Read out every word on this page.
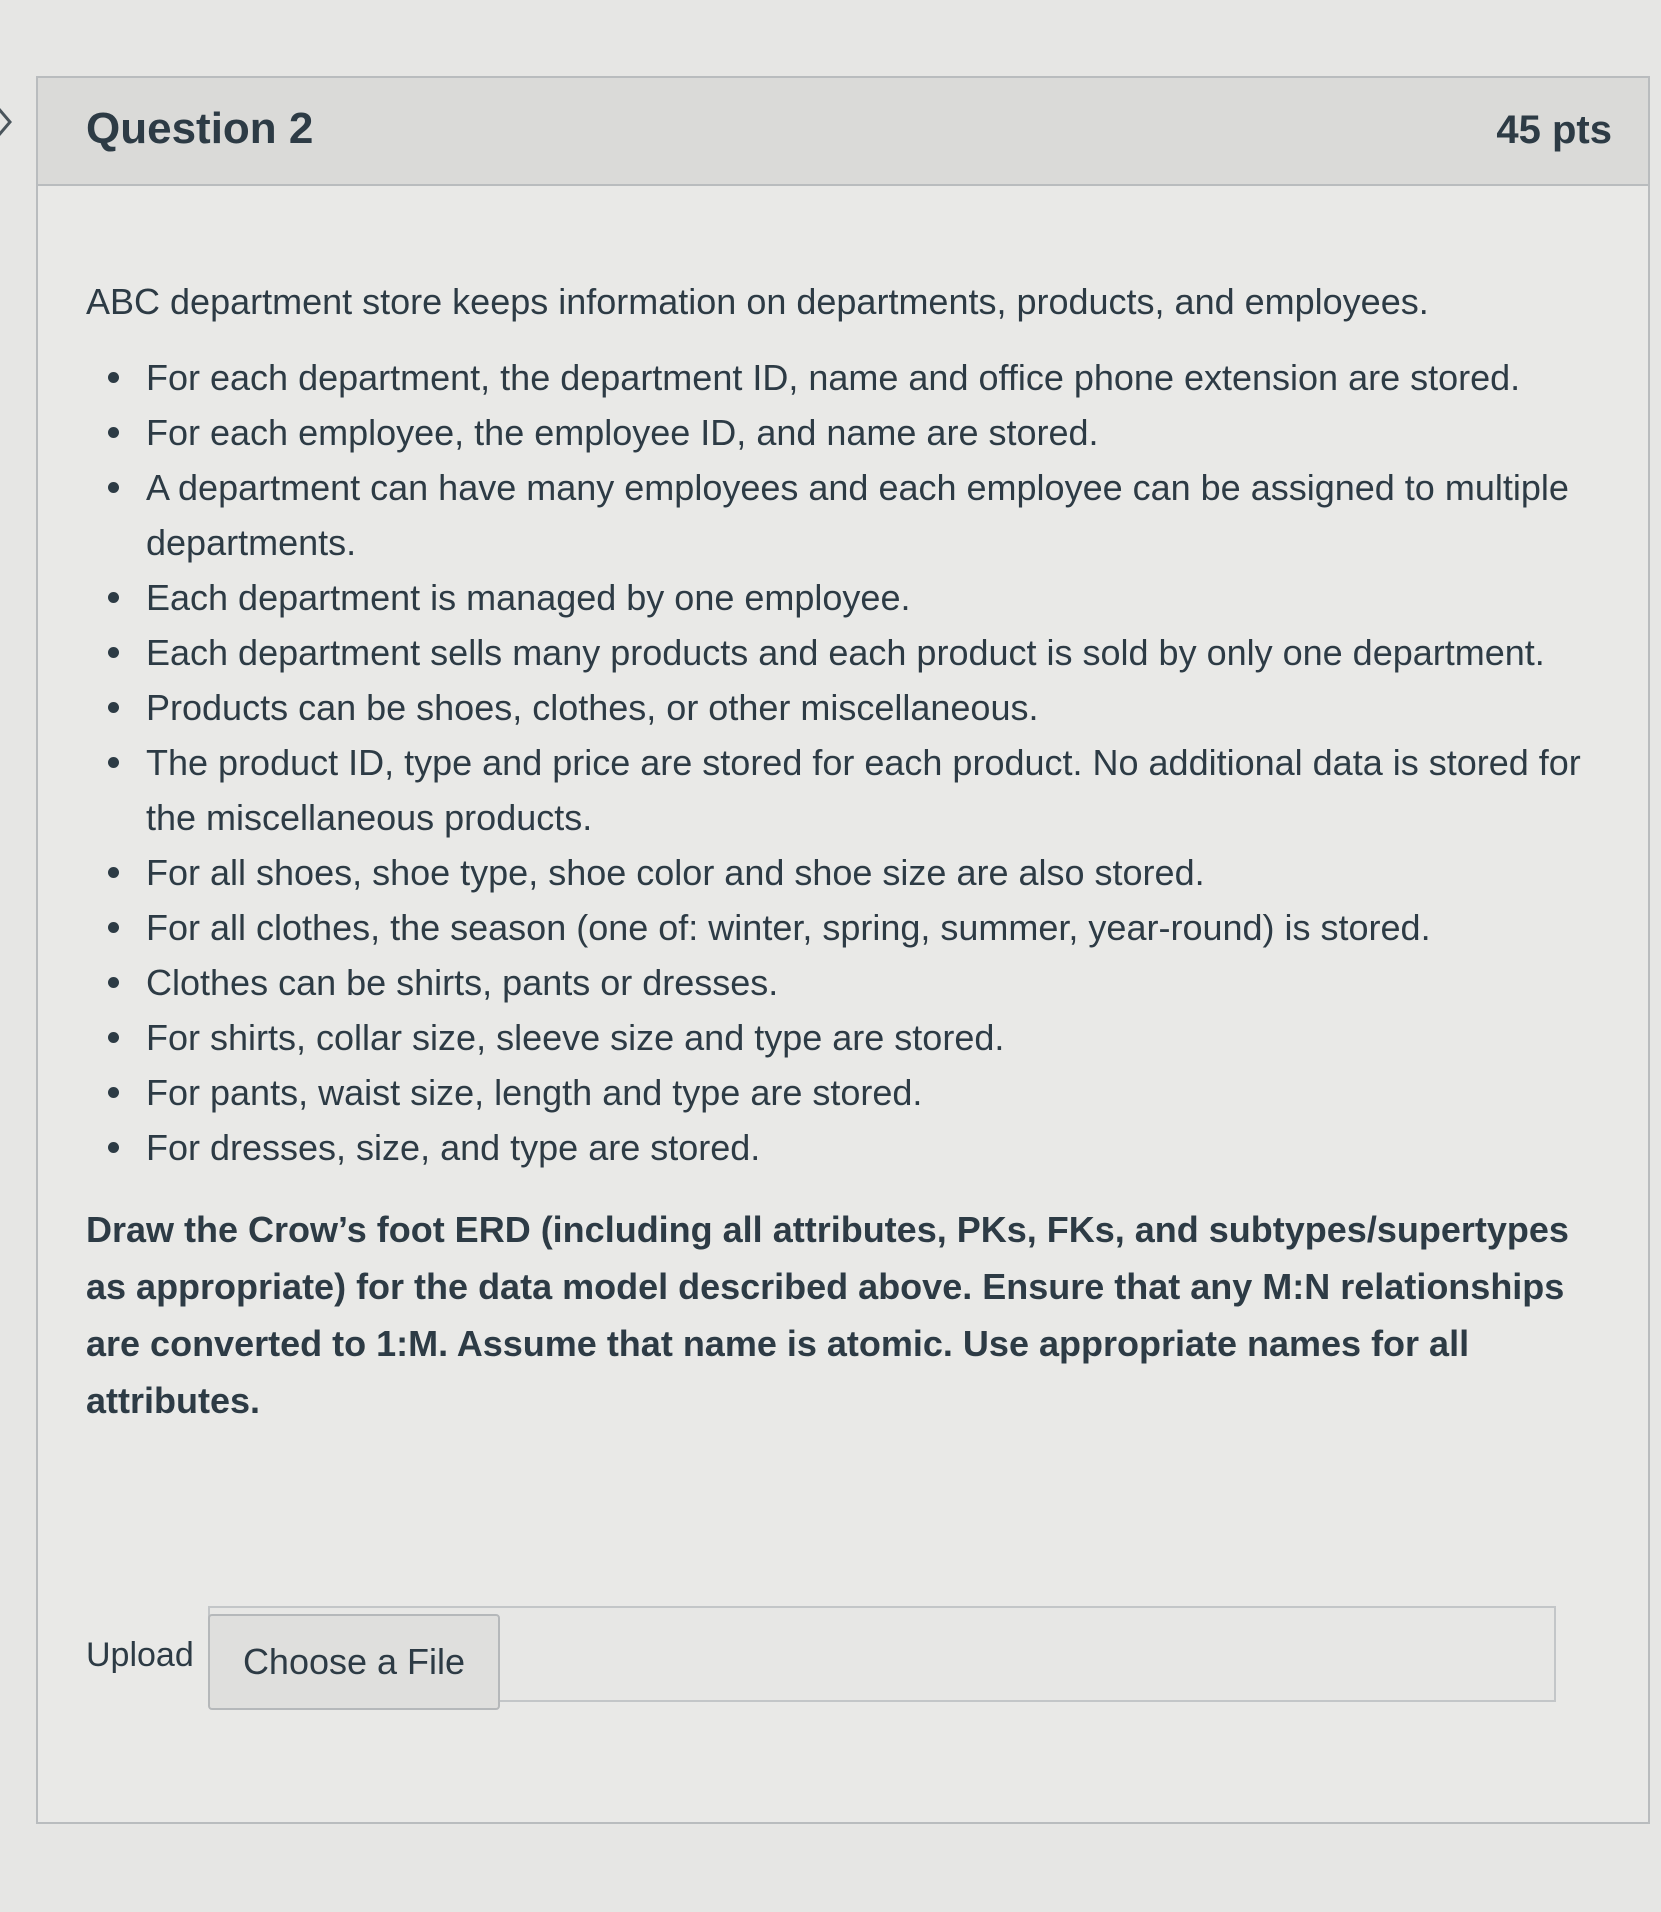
Question 2	45 pts

ABC department store keeps information on departments, products, and employees.

For each department, the department ID, name and office phone extension are stored.
For each employee, the employee ID, and name are stored.
A department can have many employees and each employee can be assigned to multiple departments.
Each department is managed by one employee.
Each department sells many products and each product is sold by only one department.
Products can be shoes, clothes, or other miscellaneous.
The product ID, type and price are stored for each product. No additional data is stored for the miscellaneous products.
For all shoes, shoe type, shoe color and shoe size are also stored.
For all clothes, the season (one of: winter, spring, summer, year-round) is stored.
Clothes can be shirts, pants or dresses.
For shirts, collar size, sleeve size and type are stored.
For pants, waist size, length and type are stored.
For dresses, size, and type are stored.

Draw the Crow’s foot ERD (including all attributes, PKs, FKs, and subtypes/supertypes as appropriate) for the data model described above. Ensure that any M:N relationships are converted to 1:M. Assume that name is atomic. Use appropriate names for all attributes.

Upload	Choose a File
